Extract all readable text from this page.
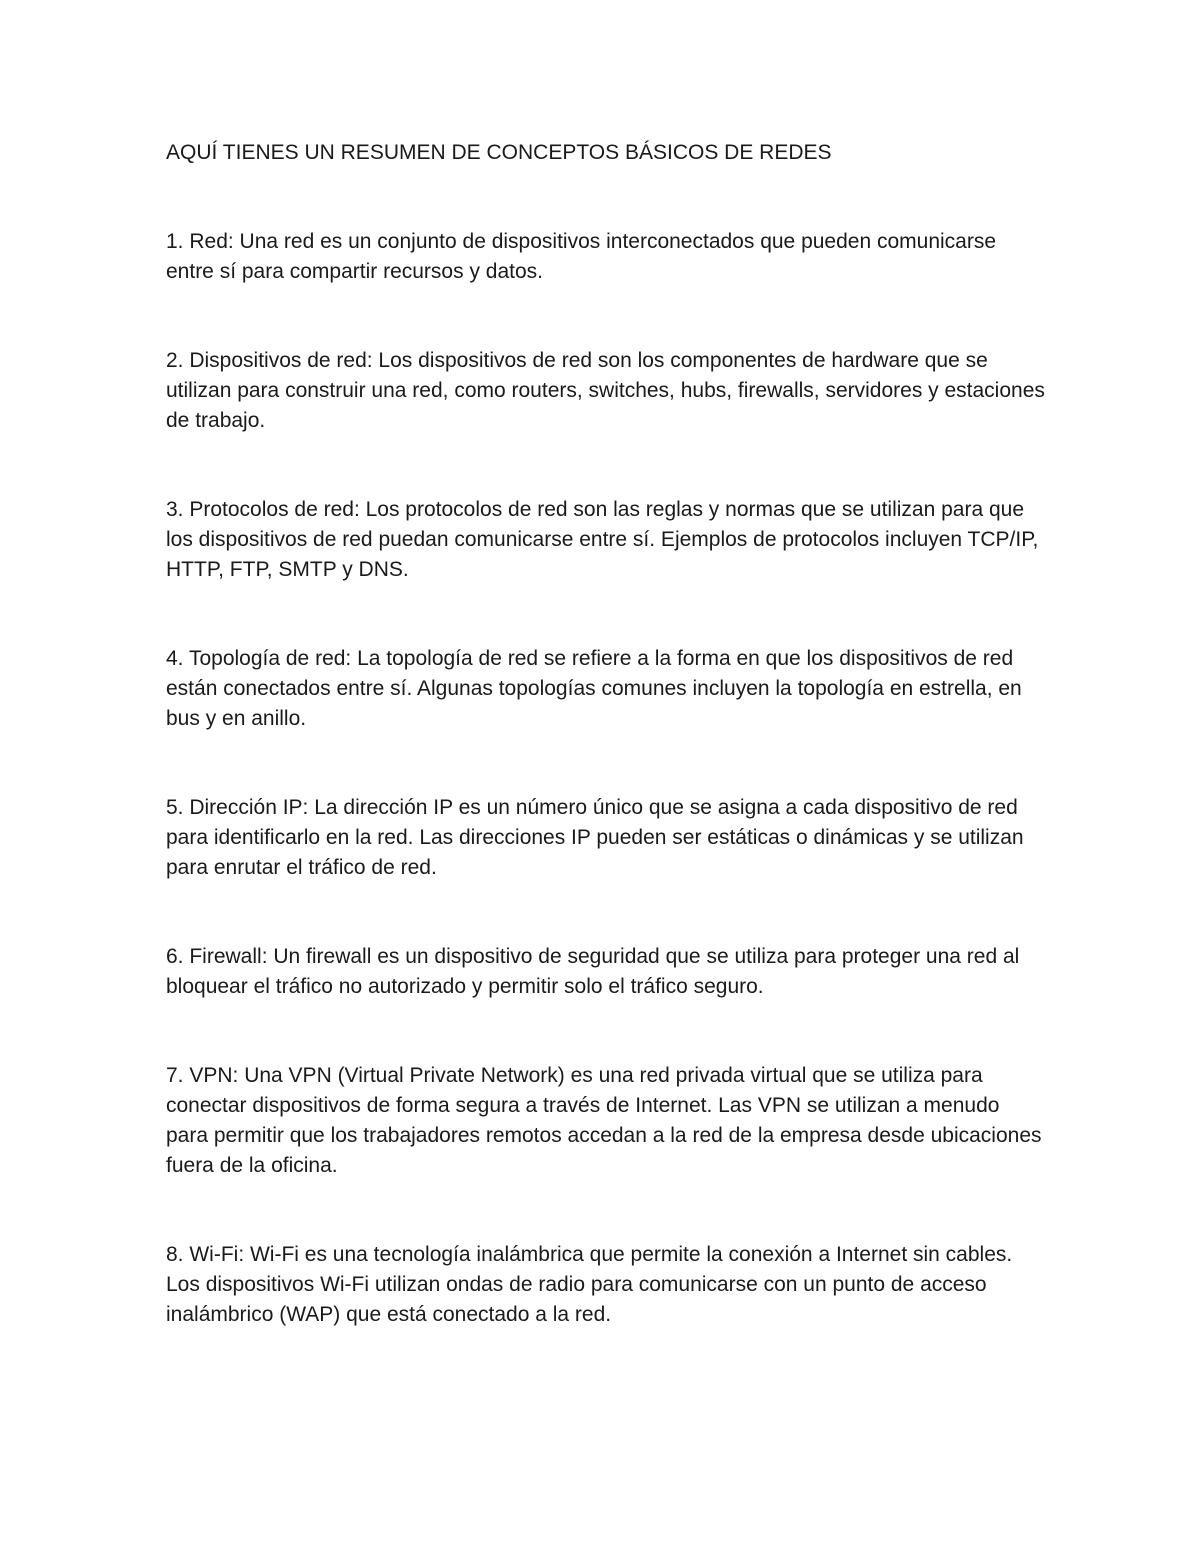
AQUÍ TIENES UN RESUMEN DE CONCEPTOS BÁSICOS DE REDES

1. Red: Una red es un conjunto de dispositivos interconectados que pueden comunicarse entre sí para compartir recursos y datos.

2. Dispositivos de red: Los dispositivos de red son los componentes de hardware que se utilizan para construir una red, como routers, switches, hubs, firewalls, servidores y estaciones de trabajo.

3. Protocolos de red: Los protocolos de red son las reglas y normas que se utilizan para que los dispositivos de red puedan comunicarse entre sí. Ejemplos de protocolos incluyen TCP/IP, HTTP, FTP, SMTP y DNS.

4. Topología de red: La topología de red se refiere a la forma en que los dispositivos de red están conectados entre sí. Algunas topologías comunes incluyen la topología en estrella, en bus y en anillo.

5. Dirección IP: La dirección IP es un número único que se asigna a cada dispositivo de red para identificarlo en la red. Las direcciones IP pueden ser estáticas o dinámicas y se utilizan para enrutar el tráfico de red.

6. Firewall: Un firewall es un dispositivo de seguridad que se utiliza para proteger una red al bloquear el tráfico no autorizado y permitir solo el tráfico seguro.

7. VPN: Una VPN (Virtual Private Network) es una red privada virtual que se utiliza para conectar dispositivos de forma segura a través de Internet. Las VPN se utilizan a menudo para permitir que los trabajadores remotos accedan a la red de la empresa desde ubicaciones fuera de la oficina.

8. Wi-Fi: Wi-Fi es una tecnología inalámbrica que permite la conexión a Internet sin cables. Los dispositivos Wi-Fi utilizan ondas de radio para comunicarse con un punto de acceso inalámbrico (WAP) que está conectado a la red.
